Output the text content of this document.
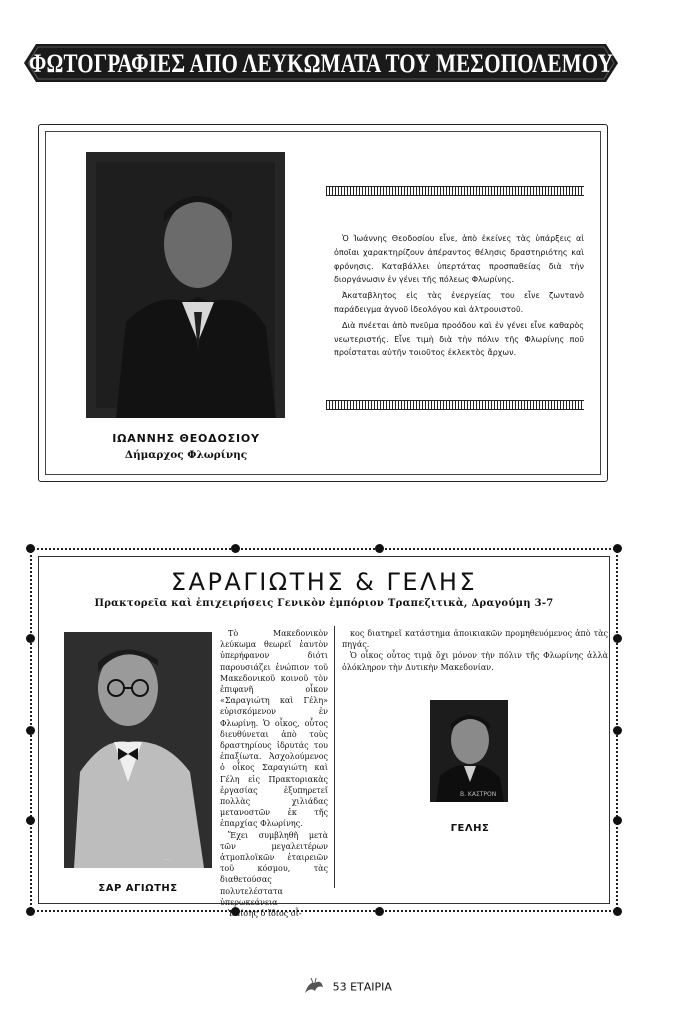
ΦΩΤΟΓΡΑΦΙΕΣ ΑΠΟ ΛΕΥΚΩΜΑΤΑ ΤΟΥ ΜΕΣΟΠΟΛΕΜΟΥ
ΙΩΑΝΝΗΣ ΘΕΟΔΟΣΙΟΥ
Δήμαρχος Φλωρίνης

Ὁ Ἰωάννης Θεοδοσίου εἶνε, ἀπὸ ἐκείνες τὰς ὑπάρξεις αἱ ὁποῖαι χαρακτηρίζουν ἀπέραντος θέλησις δραστηριότης καὶ φρόνησις. Καταβάλλει ὑπερτάτας προσπαθείας διὰ τὴν διοργάνωσιν ἐν γένει τῆς πόλεως Φλωρίνης.

Ἀκαταβλητος εἰς τὰς ἐνεργείας του εἶνε ζωντανὸ παράδειγμα ἁγνοῦ ἰδεολόγου καὶ ἀλτρουιστοῦ.

Διὰ πνέεται ἀπὸ πνεῦμα προόδου καὶ ἐν γένει εἶνε καθαρὸς νεωτεριστής. Εἶνε τιμὴ διὰ τὴν πόλιν τῆς Φλωρίνης ποῦ προΐσταται αὐτῆν τοιοῦτος ἐκλεκτὸς ἄρχων.

ΣΑΡΑΓΙΩΤΗΣ & ΓΕΛΗΣ
Πρακτορεῖα καὶ ἐπιχειρήσεις Γενικὸν ἐμπόριον Τραπεζιτικὰ, Δραγούμη 3-7
…
ΣΑΡ ΑΓΙΩΤΗΣ

Τὸ Μακεδονικὸν λεύκωμα θεωρεῖ ἑαυτὸν ὑπερήφανον διότι παρουσιάζει ἐνώπιον τοῦ Μακεδονικοῦ κοινοῦ τὸν ἐπιφανῆ οἶκον «Σαραγιώτη καὶ Γέλη» εὑρισκόμενον ἐν Φλωρίνῃ. Ὁ οἶκος, οὗτος διευθύνεται ἀπὸ τοὺς δραστηρίους ἱδρυτάς του ἐπαξίωτα. Ἀσχολούμενος ὁ οἶκος Σαραγιώτη καὶ Γέλη εἰς Πρακτοριακὰς ἐργασίας ἐξυπηρετεῖ πολλὰς χιλιάδας μετανοστῶν ἐκ τῆς ἐπαρχίας Φλωρίνης.

Ἔχει συμβληθῆ μετὰ τῶν μεγαλειτέρων ἀτμοπλοϊκῶν ἑταιρειῶν τοῦ κόσμου, τὰς διαθετούσας πολυτελέστατα ὑπερωκεάνεια

Ἐπίσης ὁ ἴδιος οἶ-

κος διατηρεῖ κατάστημα ἀποικιακῶν προμηθευόμενος ἀπὸ τὰς πηγάς.

Ὁ οἶκος οὗτος τιμᾷ ὄχι μόνον τὴν πόλιν τῆς Φλωρίνης ἀλλὰ ὁλόκληρον τὴν Δυτικὴν Μακεδονίαν.

Β. ΚΑΣΤΡΟΝ
ΓΕΛΗΣ
53 ΕΤΑΙΡΙΑ
